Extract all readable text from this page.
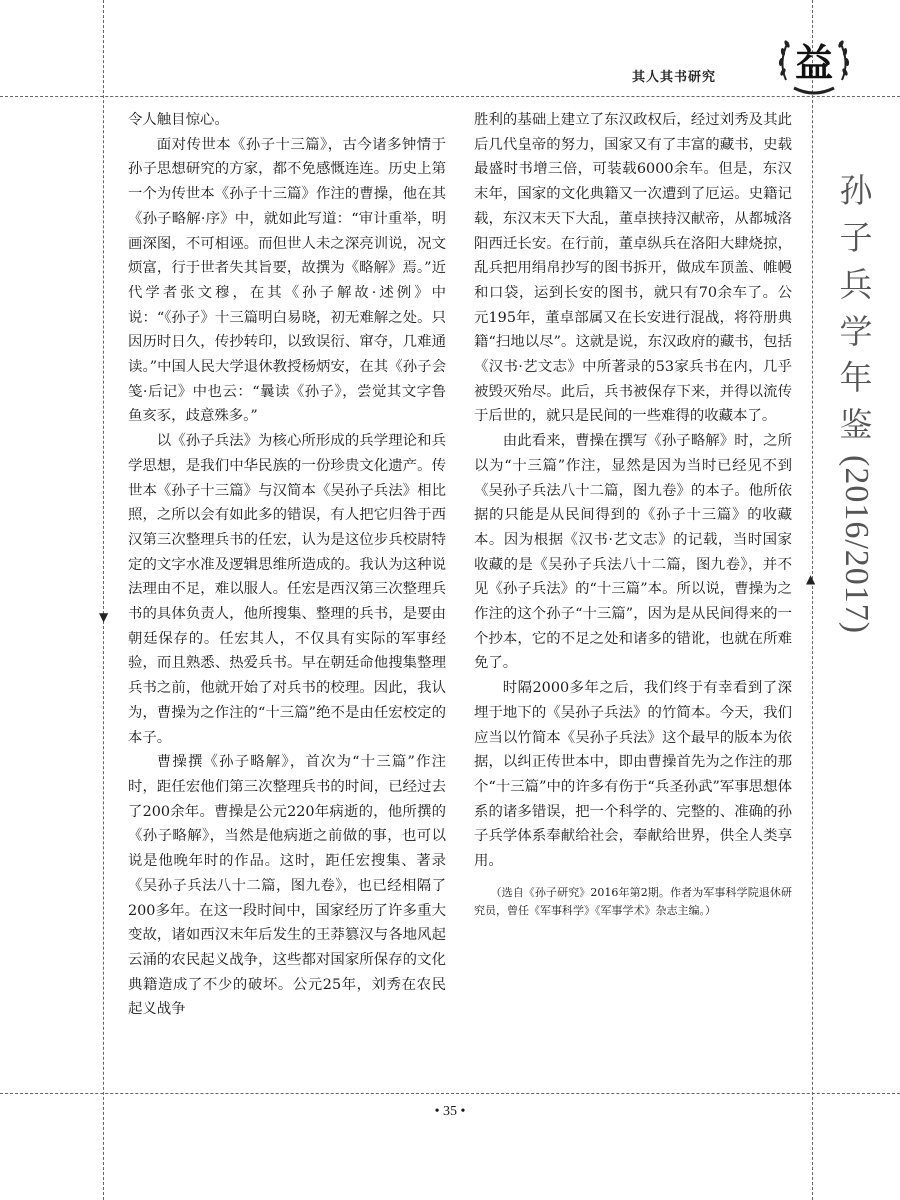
其人其书研究 益
孙
子
兵
学
年
鉴
(2016/2017)
▼
▲

令人触目惊心。

面对传世本《孙子十三篇》，古今诸多钟情于孙子思想研究的方家，都不免感慨连连。历史上第一个为传世本《孙子十三篇》作注的曹操，他在其《孙子略解·序》中，就如此写道：“审计重举，明画深图，不可相诬。而但世人未之深亮训说，况文烦富，行于世者失其旨要，故撰为《略解》焉。”近代学者张文穆，在其《孙子解故·述例》中说：“《孙子》十三篇明白易晓，初无难解之处。只因历时日久，传抄转印，以致误衍、窜夺，几难通读。”中国人民大学退休教授杨炳安，在其《孙子会笺·后记》中也云：“曩读《孙子》，尝觉其文字鲁鱼亥豕，歧意殊多。”

以《孙子兵法》为核心所形成的兵学理论和兵学思想，是我们中华民族的一份珍贵文化遗产。传世本《孙子十三篇》与汉简本《吴孙子兵法》相比照，之所以会有如此多的错误，有人把它归咎于西汉第三次整理兵书的任宏，认为是这位步兵校尉特定的文字水准及逻辑思维所造成的。我认为这种说法理由不足，难以服人。任宏是西汉第三次整理兵书的具体负责人，他所搜集、整理的兵书，是要由朝廷保存的。任宏其人，不仅具有实际的军事经验，而且熟悉、热爱兵书。早在朝廷命他搜集整理兵书之前，他就开始了对兵书的校理。因此，我认为，曹操为之作注的“十三篇”绝不是由任宏校定的本子。

曹操撰《孙子略解》，首次为“十三篇”作注时，距任宏他们第三次整理兵书的时间，已经过去了200余年。曹操是公元220年病逝的，他所撰的《孙子略解》，当然是他病逝之前做的事，也可以说是他晚年时的作品。这时，距任宏搜集、著录《吴孙子兵法八十二篇，图九卷》，也已经相隔了200多年。在这一段时间中，国家经历了许多重大变故，诸如西汉末年后发生的王莽篡汉与各地风起云涌的农民起义战争，这些都对国家所保存的文化典籍造成了不少的破坏。公元25年，刘秀在农民起义战争

胜利的基础上建立了东汉政权后，经过刘秀及其此后几代皇帝的努力，国家又有了丰富的藏书，史载最盛时书增三倍，可装载6000余车。但是，东汉末年，国家的文化典籍又一次遭到了厄运。史籍记载，东汉末天下大乱，董卓挟持汉献帝，从都城洛阳西迁长安。在行前，董卓纵兵在洛阳大肆烧掠，乱兵把用绢帛抄写的图书拆开，做成车顶盖、帷幔和口袋，运到长安的图书，就只有70余车了。公元195年，董卓部属又在长安进行混战，将符册典籍“扫地以尽”。这就是说，东汉政府的藏书，包括《汉书·艺文志》中所著录的53家兵书在内，几乎被毁灭殆尽。此后，兵书被保存下来，并得以流传于后世的，就只是民间的一些难得的收藏本了。

由此看来，曹操在撰写《孙子略解》时，之所以为“十三篇”作注，显然是因为当时已经见不到《吴孙子兵法八十二篇，图九卷》的本子。他所依据的只能是从民间得到的《孙子十三篇》的收藏本。因为根据《汉书·艺文志》的记载，当时国家收藏的是《吴孙子兵法八十二篇，图九卷》，并不见《孙子兵法》的“十三篇”本。所以说，曹操为之作注的这个孙子“十三篇”，因为是从民间得来的一个抄本，它的不足之处和诸多的错讹，也就在所难免了。

时隔2000多年之后，我们终于有幸看到了深埋于地下的《吴孙子兵法》的竹简本。今天，我们应当以竹简本《吴孙子兵法》这个最早的版本为依据，以纠正传世本中，即由曹操首先为之作注的那个“十三篇”中的许多有伤于“兵圣孙武”军事思想体系的诸多错误，把一个科学的、完整的、准确的孙子兵学体系奉献给社会，奉献给世界，供全人类享用。

（选自《孙子研究》2016年第2期。作者为军事科学院退休研究员，曾任《军事科学》《军事学术》杂志主编。）
• 35 •
